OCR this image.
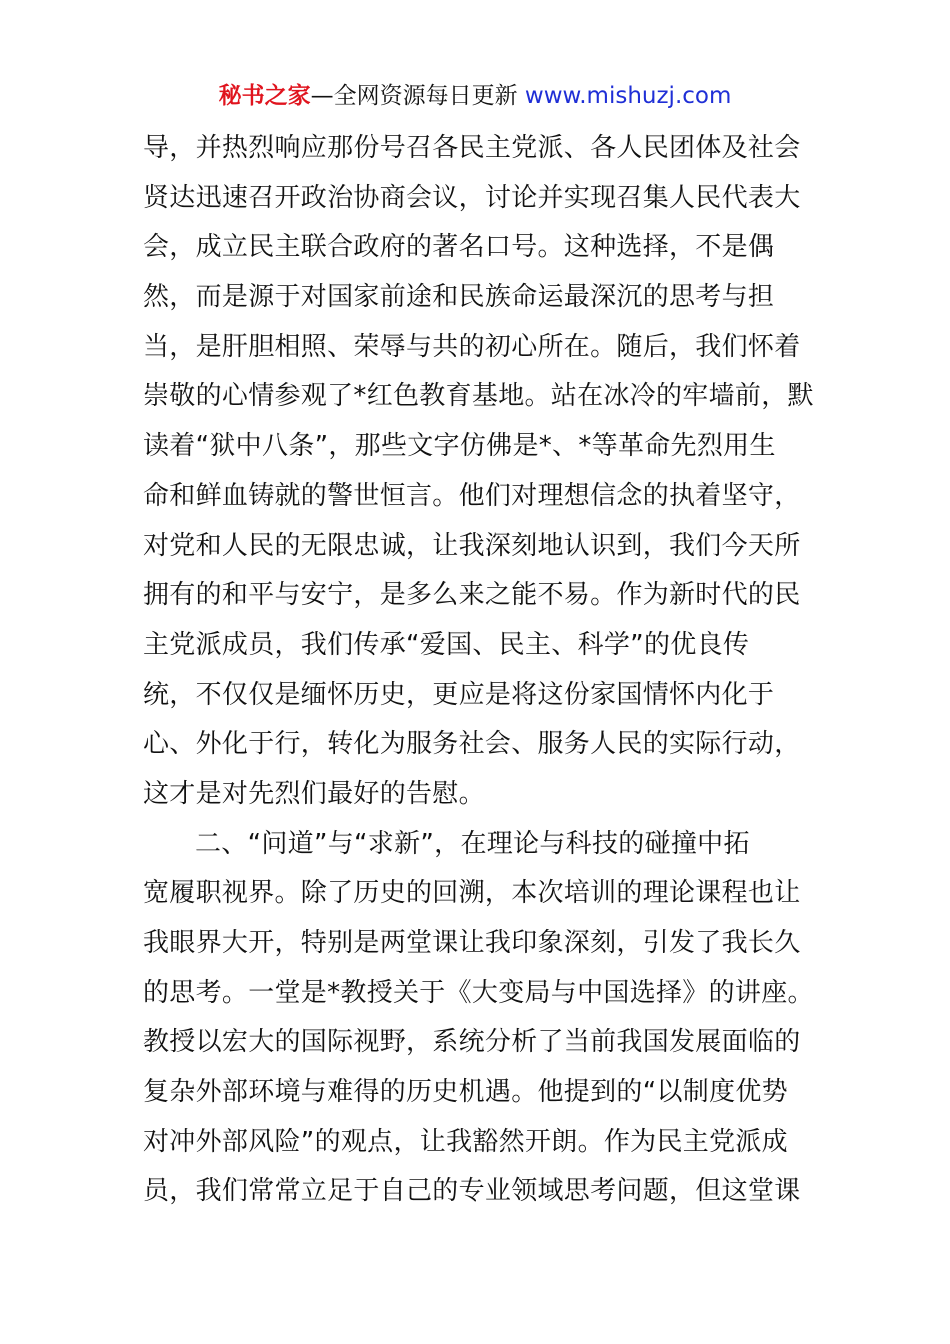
秘书之家—全网资源每日更新 www.mishuzj.com
导，并热烈响应那份号召各民主党派、各人民团体及社会
贤达迅速召开政治协商会议，讨论并实现召集人民代表大
会，成立民主联合政府的著名口号。这种选择，不是偶
然，而是源于对国家前途和民族命运最深沉的思考与担
当，是肝胆相照、荣辱与共的初心所在。随后，我们怀着
崇敬的心情参观了*红色教育基地。站在冰冷的牢墙前，默
读着“狱中八条”，那些文字仿佛是*、*等革命先烈用生
命和鲜血铸就的警世恒言。他们对理想信念的执着坚守，
对党和人民的无限忠诚，让我深刻地认识到，我们今天所
拥有的和平与安宁，是多么来之能不易。作为新时代的民
主党派成员，我们传承“爱国、民主、科学”的优良传
统，不仅仅是缅怀历史，更应是将这份家国情怀内化于
心、外化于行，转化为服务社会、服务人民的实际行动，
这才是对先烈们最好的告慰。
二、“问道”与“求新”，在理论与科技的碰撞中拓
宽履职视界。除了历史的回溯，本次培训的理论课程也让
我眼界大开，特别是两堂课让我印象深刻，引发了我长久
的思考。一堂是*教授关于《大变局与中国选择》的讲座。
教授以宏大的国际视野，系统分析了当前我国发展面临的
复杂外部环境与难得的历史机遇。他提到的“以制度优势
对冲外部风险”的观点，让我豁然开朗。作为民主党派成
员，我们常常立足于自己的专业领域思考问题，但这堂课
